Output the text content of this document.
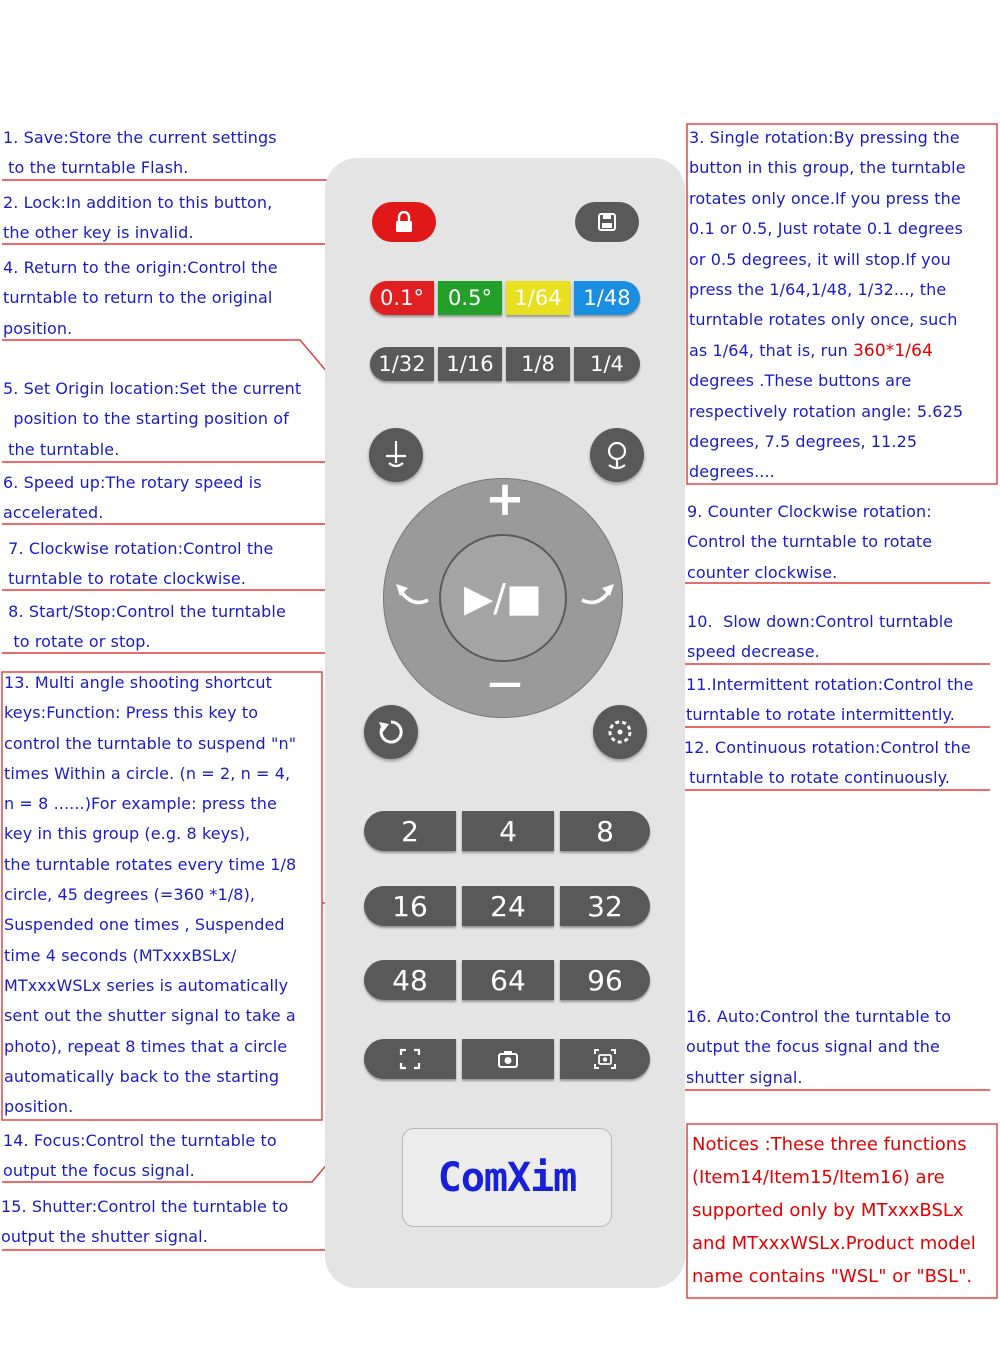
0.1° 0.5° 1/64 1/48
1/32 1/16 1/8 1/4
▶/■
+
—
2	4	8
16 24 32
48 64 96
ComXim
1. Save:Store the current settings
to the turntable Flash.
2. Lock:In addition to this button,
the other key is invalid.
4. Return to the origin:Control the
turntable to return to the original
position.
5. Set Origin location:Set the current
position to the starting position of
the turntable.
6. Speed up:The rotary speed is
accelerated.
7. Clockwise rotation:Control the
turntable to rotate clockwise.
8. Start/Stop:Control the turntable
to rotate or stop.
13. Multi angle shooting shortcut
keys:Function: Press this key to
control the turntable to suspend "n"
times Within a circle. (n = 2, n = 4,
n = 8 ......)For example: press the
key in this group (e.g. 8 keys),
the turntable rotates every time 1/8
circle, 45 degrees (=360 *1/8),
Suspended one times , Suspended
time 4 seconds (MTxxxBSLx/
MTxxxWSLx series is automatically
sent out the shutter signal to take a
photo), repeat 8 times that a circle
automatically back to the starting
position.
14. Focus:Control the turntable to
output the focus signal.
15. Shutter:Control the turntable to
output the shutter signal.
3. Single rotation:By pressing the
button in this group, the turntable
rotates only once.If you press the
0.1 or 0.5, Just rotate 0.1 degrees
or 0.5 degrees, it will stop.If you
press the 1/64,1/48, 1/32..., the
turntable rotates only once, such
as 1/64, that is, run 360*1/64
degrees .These buttons are
respectively rotation angle: 5.625
degrees, 7.5 degrees, 11.25
degrees....
9. Counter Clockwise rotation:
Control the turntable to rotate
counter clockwise.
10.  Slow down:Control turntable
speed decrease.
11.Intermittent rotation:Control the
turntable to rotate intermittently.
12. Continuous rotation:Control the
turntable to rotate continuously.
16. Auto:Control the turntable to
output the focus signal and the
shutter signal.
Notices :These three functions
(Item14/Item15/Item16) are
supported only by MTxxxBSLx
and MTxxxWSLx.Product model
name contains "WSL" or "BSL".
